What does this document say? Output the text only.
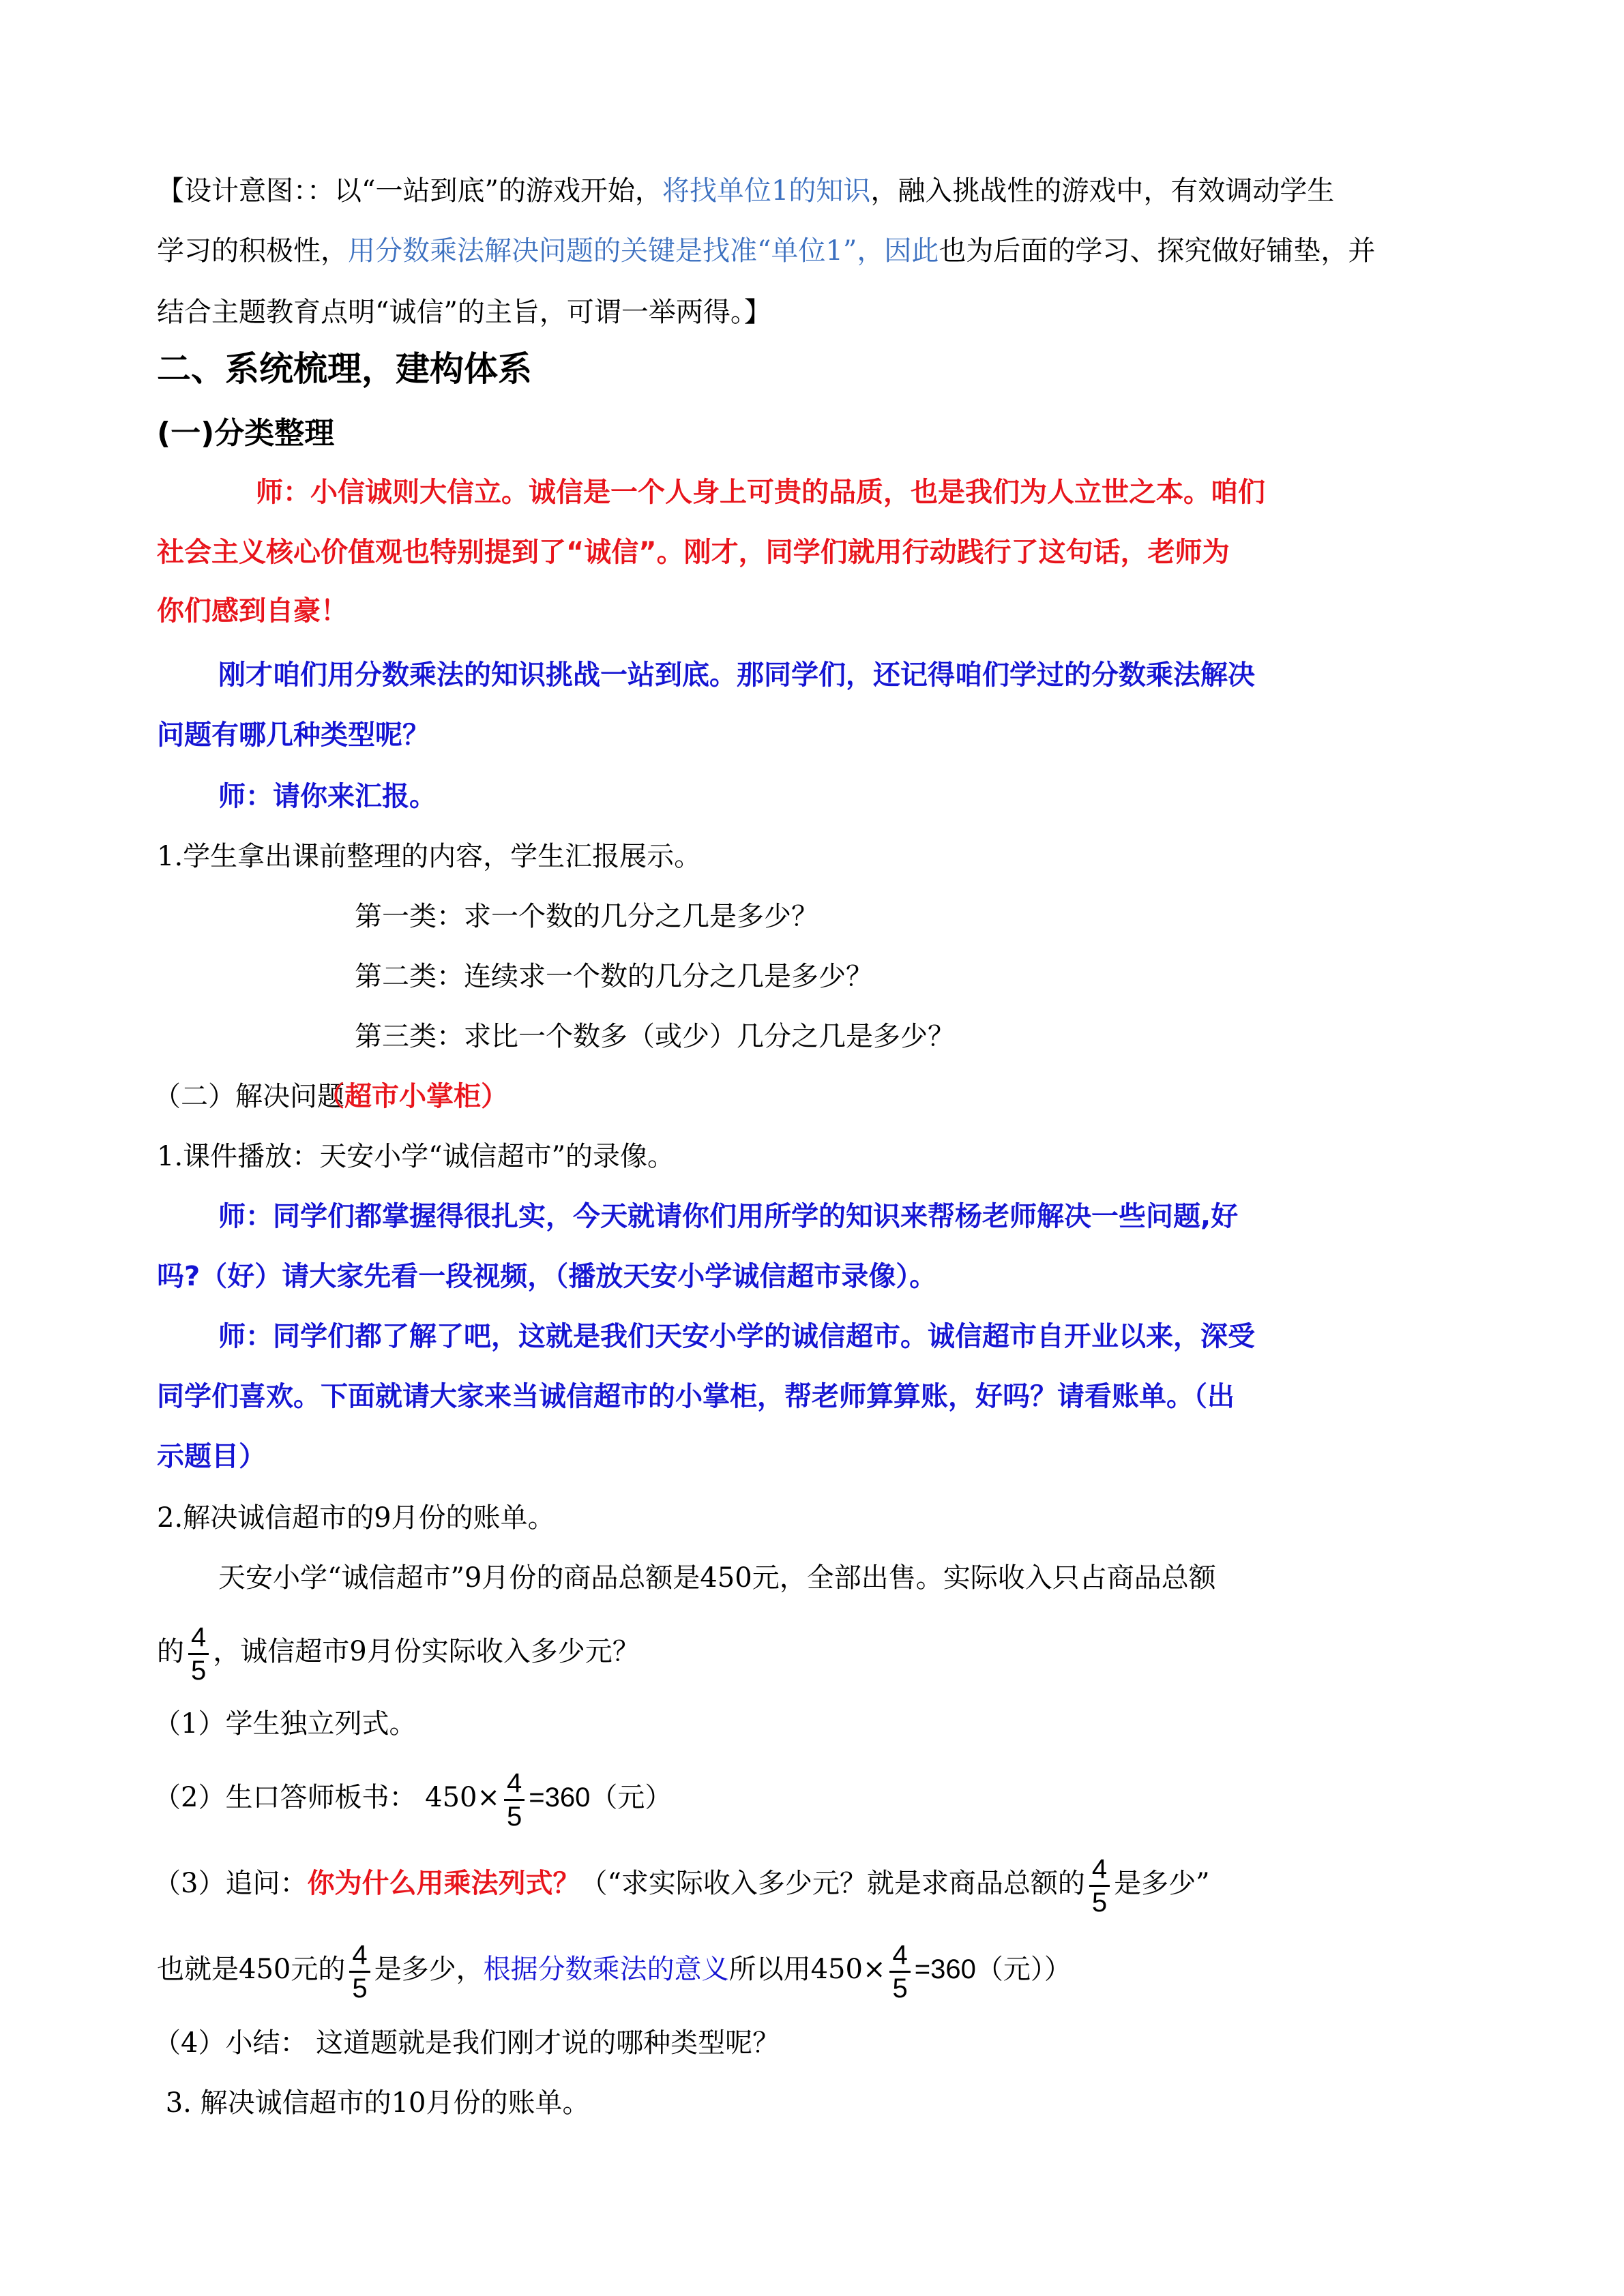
【设计意图：：以“一站到底”的游戏开始，将找单位1的知识，融入挑战性的游戏中，有效调动学生
学习的积极性，用分数乘法解决问题的关键是找准“单位1”，因此也为后面的学习、探究做好铺垫，并
结合主题教育点明“诚信”的主旨，可谓一举两得。】
二、系统梳理，建构体系
(一)分类整理
师：小信诚则大信立。诚信是一个人身上可贵的品质，也是我们为人立世之本。咱们
社会主义核心价值观也特别提到了“诚信”。刚才，同学们就用行动践行了这句话，老师为
你们感到自豪！
刚才咱们用分数乘法的知识挑战一站到底。那同学们，还记得咱们学过的分数乘法解决
问题有哪几种类型呢？
师：请你来汇报。
1.学生拿出课前整理的内容，学生汇报展示。
第一类：求一个数的几分之几是多少？
第二类：连续求一个数的几分之几是多少？
第三类：求比一个数多（或少）几分之几是多少？
（二）解决问题（超市小掌柜）
1.课件播放：天安小学“诚信超市”的录像。
师：同学们都掌握得很扎实，今天就请你们用所学的知识来帮杨老师解决一些问题,好
吗?（好）请大家先看一段视频，（播放天安小学诚信超市录像）。
师：同学们都了解了吧，这就是我们天安小学的诚信超市。诚信超市自开业以来，深受
同学们喜欢。下面就请大家来当诚信超市的小掌柜，帮老师算算账，好吗？请看账单。（出
示题目）
2.解决诚信超市的9月份的账单。
天安小学“诚信超市”9月份的商品总额是450元，全部出售。实际收入只占商品总额
的 $\frac{4}{5}$ ，诚信超市9月份实际收入多少元？
（1）学生独立列式。
（2）生口答师板书： $450\times \frac{4}{5} =360$（元）
（3）追问：你为什么用乘法列式？（“求实际收入多少元？就是求商品总额的 $\frac{4}{5}$ 是多少”
也就是450元的 $\frac{4}{5}$ 是多少，根据分数乘法的意义所以用$450\times \frac{4}{5} =360$（元））
（4）小结： 这道题就是我们刚才说的哪种类型呢？
3. 解决诚信超市的10月份的账单。
